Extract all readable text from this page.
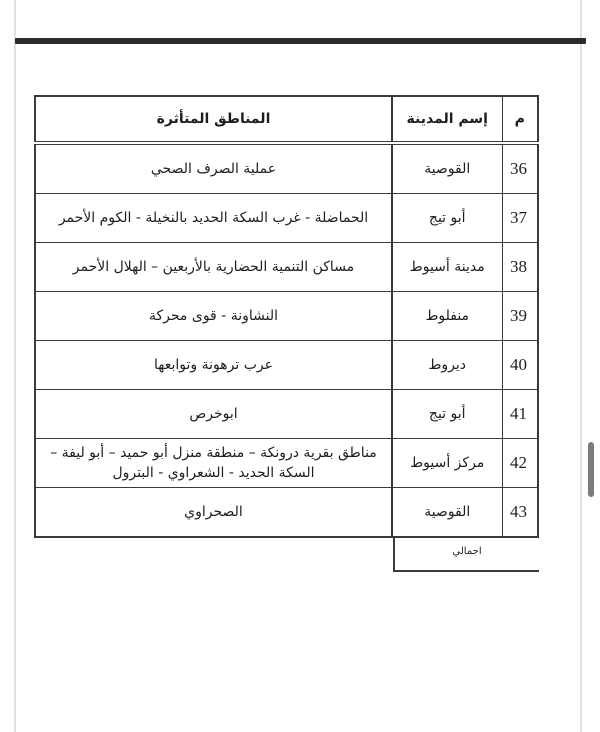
م	إسم المدينة	المناطق المتأثرة
36	القوصية	عملية الصرف الصحي
37	أبو تيج	الحماضلة - غرب السكة الحديد بالنخيلة - الكوم الأحمر
38	مدينة أسيوط	مساكن التنمية الحضارية بالأربعين – الهلال الأحمر
39	منفلوط	النشاونة - قوى محركة
40	ديروط	عرب ترهونة وتوابعها
41	أبو تيج	ابوخرص
42	مركز أسيوط	مناطق بقرية درونكة – منطقة منزل أبو حميد – أبو ليفة – السكة الحديد - الشعراوي - البترول
43	القوصية	الصحراوي
اجمالي
